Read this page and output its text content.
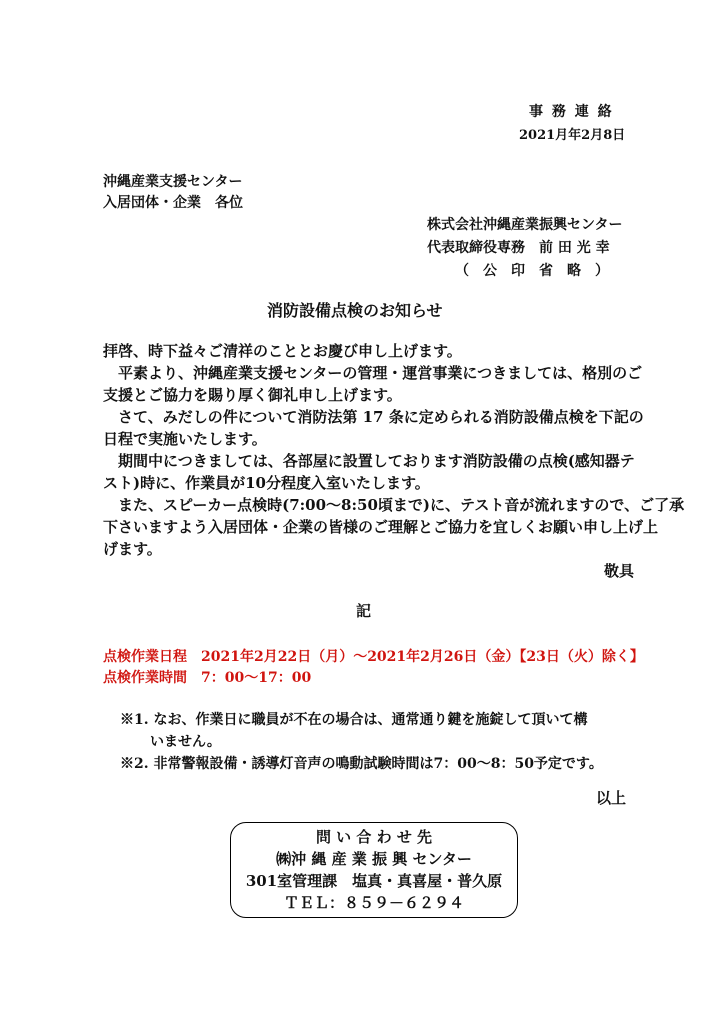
事 務 連 絡
2021月年2月8日
沖縄産業支援センター
入居団体・企業　各位
株式会社沖縄産業振興センター
代表取締役専務　前 田 光 幸
（　公　印　省　略　）
消防設備点検のお知らせ
拝啓、時下益々ご清祥のこととお慶び申し上げます。
　平素より、沖縄産業支援センターの管理・運営事業につきましては、格別のご
支援とご協力を賜り厚く御礼申し上げます。
　さて、みだしの件について消防法第 17 条に定められる消防設備点検を下記の
日程で実施いたします。
　期間中につきましては、各部屋に設置しております消防設備の点検(感知器テ
スト)時に、作業員が10分程度入室いたします。
　また、スピーカー点検時(7:00～8:50頃まで)に、テスト音が流れますので、ご了承
下さいますよう入居団体・企業の皆様のご理解とご協力を宜しくお願い申し上げ上
げます。
敬具
記
点検作業日程　2021年2月22日（月）～2021年2月26日（金）【23日（火）除く】
点検作業時間　7：00～17：00
※1. なお、作業日に職員が不在の場合は、通常通り鍵を施錠して頂いて構
いません。
※2. 非常警報設備・誘導灯音声の鳴動試験時間は7：00～8：50予定です。
以上
問 い 合 わ せ 先
㈱沖 縄 産 業 振 興 センター
301室管理課　塩真・真喜屋・普久原
ＴＥＬ：８５９－６２９４
